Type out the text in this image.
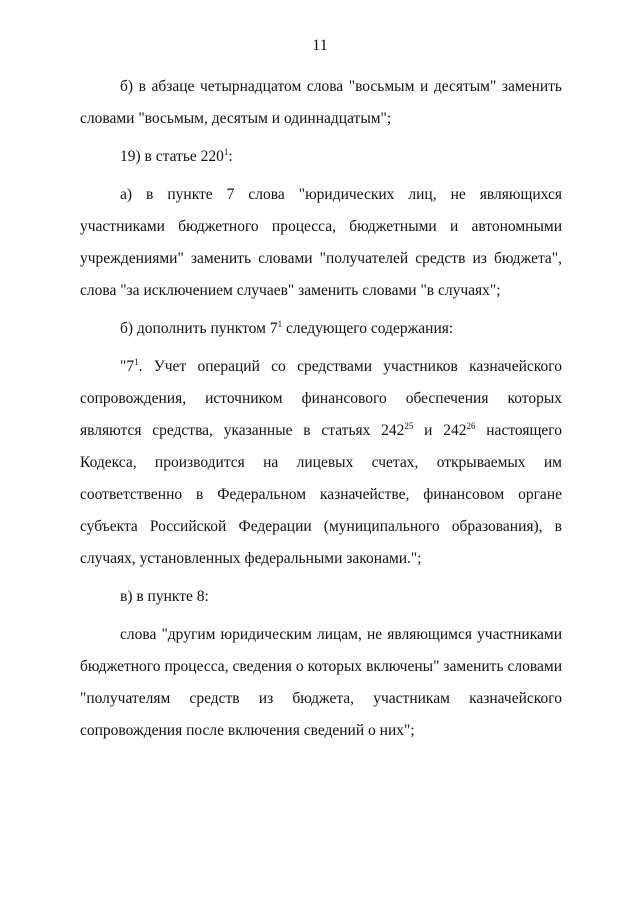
11

б) в абзаце четырнадцатом слова "восьмым и десятым" заменить словами "восьмым, десятым и одиннадцатым";

19) в статье $220^1$:

а) в пункте 7 слова "юридических лиц, не являющихся участниками бюджетного процесса, бюджетными и автономными учреждениями" заменить словами "получателей средств из бюджета", слова "за исключением случаев" заменить словами "в случаях";

б) дополнить пунктом $7^1$ следующего содержания:

"$7^1$. Учет операций со средствами участников казначейского сопровождения, источником финансового обеспечения которых являются средства, указанные в статьях $242^{25}$ и $242^{26}$ настоящего Кодекса, производится на лицевых счетах, открываемых им соответственно в Федеральном казначействе, финансовом органе субъекта Российской Федерации (муниципального образования), в случаях, установленных федеральными законами.";

в) в пункте 8:

слова "другим юридическим лицам, не являющимся участниками бюджетного процесса, сведения о которых включены" заменить словами "получателям средств из бюджета, участникам казначейского сопровождения после включения сведений о них";
